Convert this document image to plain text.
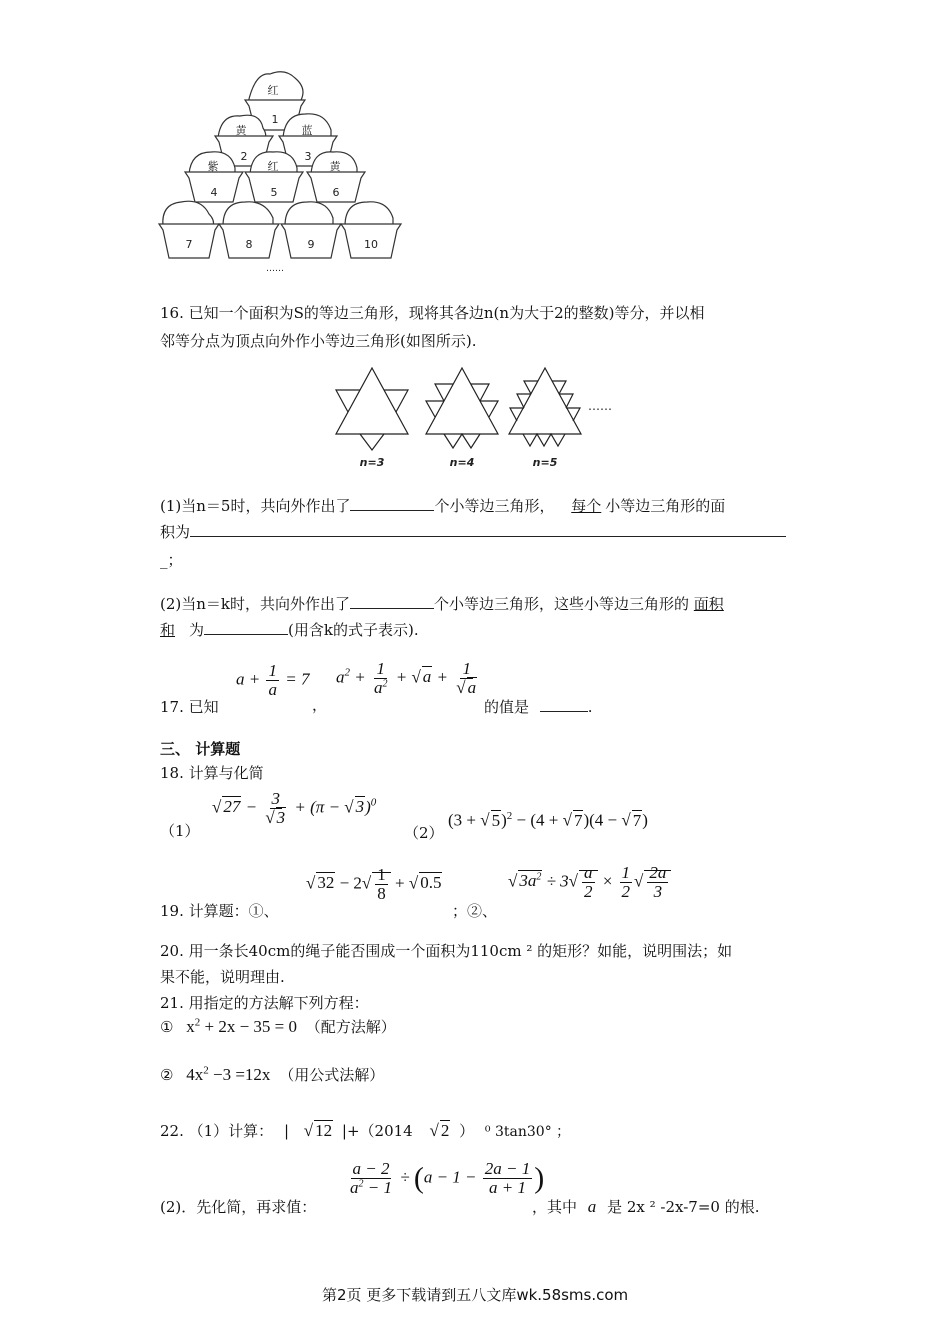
红
1
黄
2
蓝
3
紫
4
红
5
黄
6
7	8	9	10
……
16. 已知一个面积为S的等边三角形，现将其各边n(n为大于2的整数)等分，并以相
邻等分点为顶点向外作小等边三角形(如图所示).
n=3	n=4	n=5
……
(1)当n＝5时，共向外作出了	个小等边三角形， 每个 小等边三角形的面
积为
_；
(2)当n＝k时，共向外作出了	个小等边三角形，这些小等边三角形的 面积
和 为	(用含k的式子表示).
17. 已知
$a + \frac{1}{a} = 7$
，
$a^2 + \frac{1}{a^2}$ + √ $a + \frac{1}{√ a}$
的值是	.
三、 计算题
18. 计算与化简
（1）
√ $27 - \frac{3}{√ 3} + (\pi$ − √ 3)$^0$
（2）
(3 + √ 5)$^2$ − (4 + √ 7)(4 − √ 7)
19. 计算题：①、
√ $32 - 2√ \frac{1}{8}$ + √ 0.5
；②、
√ $3a^2 \div 3√ \frac{a}{2} \times \frac{1}{2}$ √ $\frac{2a}{3}$
20. 用一条长40cm的绳子能否围成一个面积为110cm ² 的矩形？如能，说明围法；如
果不能，说明理由.
21. 用指定的方法解下列方程：
① $x^2 + 2x - 35 = 0$ （配方法解）
② $4x^2 -3 =12x$ （用公式法解）
22. （1）计算： | √ 12 |+（2014 √ 2 ） ⁰ 3tan30° ；
(2)．先化简，再求值：
$\frac{a - 2}{a^2 - 1} \div (a - 1 - \frac{2a - 1}{a + 1}$ )
，其中 a 是 2x ² -2x-7=0 的根.
第2页 更多下载请到五八文库wk.58sms.com
